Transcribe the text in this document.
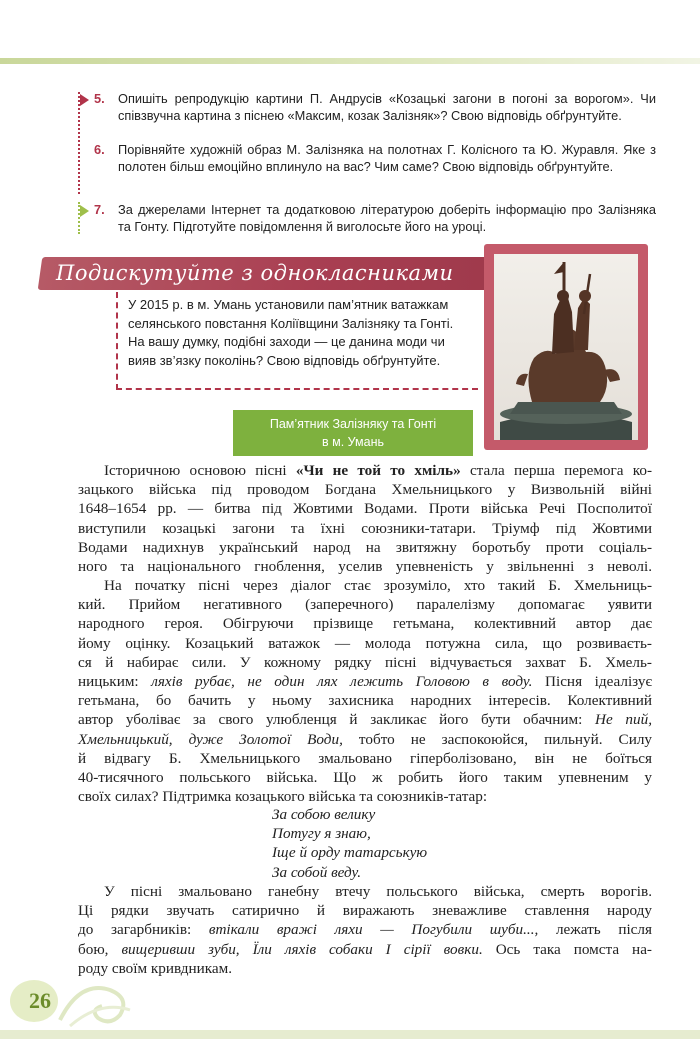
5.	Опишіть репродукцію картини П. Андрусів «Козацькі загони в погоні за ворогом». Чи співзвучна картина з піснею «Максим, козак Залізняк»? Свою відповідь обґрунтуйте.
6.	Порівняйте художній образ М. Залізняка на полотнах Г. Колісного та Ю. Журавля. Яке з полотен більш емоційно вплинуло на вас? Чим саме? Свою відповідь обґрунтуйте.
7.	За джерелами Інтернет та додатковою літературою доберіть інформацію про Залізняка та Гонту. Підготуйте повідомлення й виголосьте його на уроці.
Подискутуйте з однокласниками
У 2015 р. в м. Умань установили пам’ятник ватажкам селянського повстання Коліївщини Залізняку та Гонті. На вашу думку, подібні заходи — це данина моди чи вияв зв’язку поколінь? Свою відповідь обґрунтуйте.
Пам’ятник Залізняку та Гонті
в м. Умань
Історичною основою пісні «Чи не той то хміль» стала перша перемога ко-
зацького війська під проводом Богдана Хмельницького у Визвольній війні
1648–1654 рр. — битва під Жовтими Водами. Проти війська Речі Посполитої
виступили козацькі загони та їхні союзники-татари. Тріумф під Жовтими
Водами надихнув український народ на звитяжну боротьбу проти соціаль-
ного та національного гноблення, уселив упевненість у звільненні з неволі.
На початку пісні через діалог стає зрозуміло, хто такий Б. Хмельниць-
кий. Прийом негативного (заперечного) паралелізму допомагає уявити
народного героя. Обігруючи прізвище гетьмана, колективний автор дає
йому оцінку. Козацький ватажок — молода потужна сила, що розвиваєть-
ся й набирає сили. У кожному рядку пісні відчувається захват Б. Хмель-
ницьким: ляхів рубає, не один лях лежить Головою в воду. Пісня ідеалізує
гетьмана, бо бачить у ньому захисника народних інтересів. Колективний
автор уболіває за свого улюбленця й закликає його бути обачним: Не пий,
Хмельницький, дуже Золотої Води, тобто не заспокоюйся, пильнуй. Силу
й відвагу Б. Хмельницького змальовано гіперболізовано, він не боїться
40-тисячного польського війська. Що ж робить його таким упевненим у
своїх силах? Підтримка козацького війська та союзників-татар:
За собою велику
Потугу я знаю,
Іще й орду татарськую
За собой веду.
У пісні змальовано ганебну втечу польського війська, смерть ворогів.
Ці рядки звучать сатирично й виражають зневажливе ставлення народу
до загарбників: втікали вражі ляхи — Погубили шуби..., лежать після
бою, вищеривши зуби, Їли ляхів собаки І сірії вовки. Ось така помста на-
роду своїм кривдникам.
26
